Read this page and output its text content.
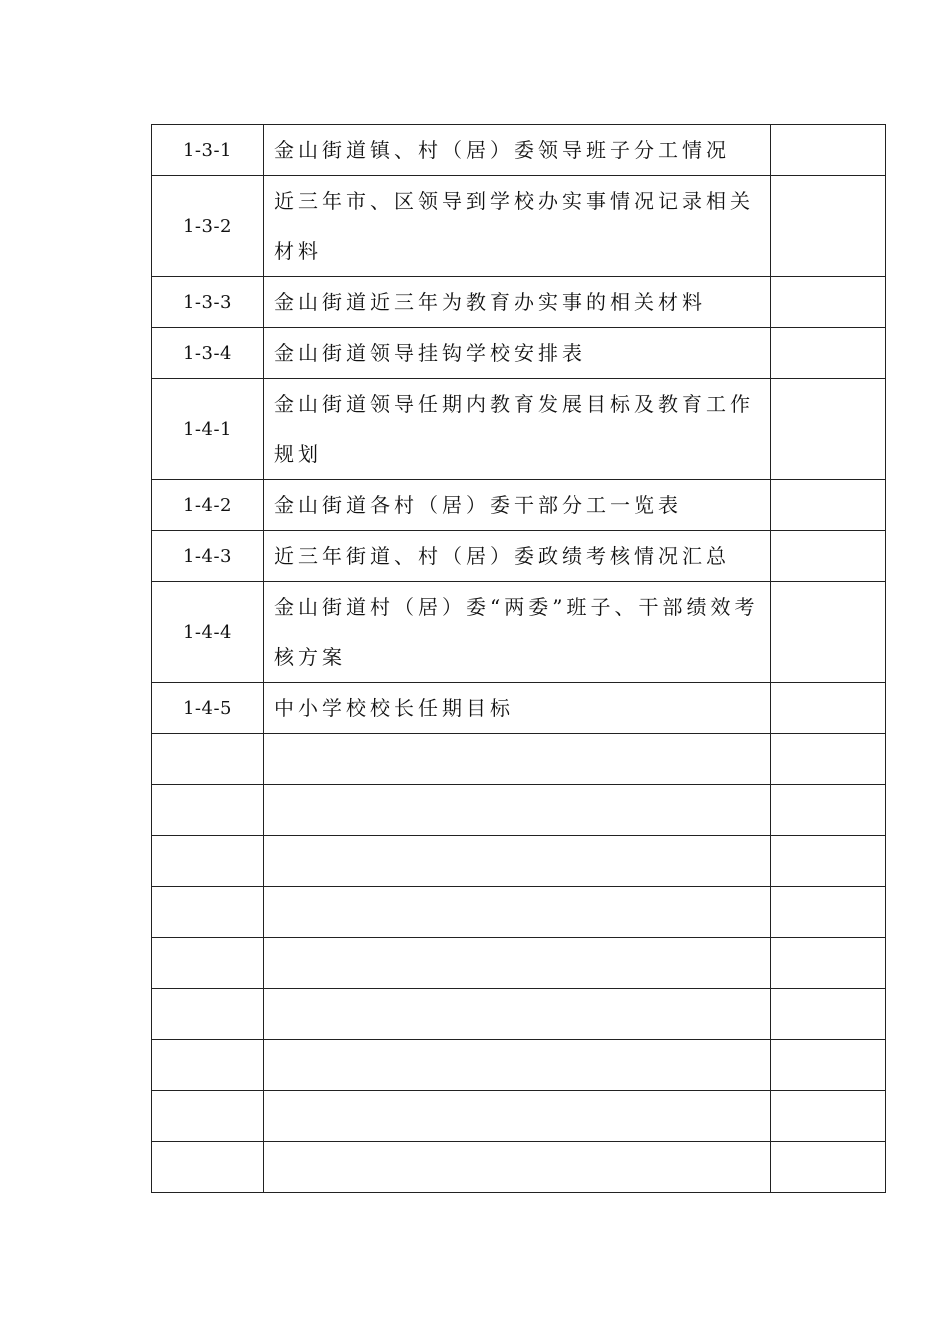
1-3-1	金山街道镇、村（居）委领导班子分工情况	
1-3-2	近三年市、区领导到学校办实事情况记录相关材料	
1-3-3	金山街道近三年为教育办实事的相关材料	
1-3-4	金山街道领导挂钩学校安排表	
1-4-1	金山街道领导任期内教育发展目标及教育工作规划	
1-4-2	金山街道各村（居）委干部分工一览表	
1-4-3	近三年街道、村（居）委政绩考核情况汇总	
1-4-4	金山街道村（居）委“两委”班子、干部绩效考核方案	
1-4-5	中小学校校长任期目标	
